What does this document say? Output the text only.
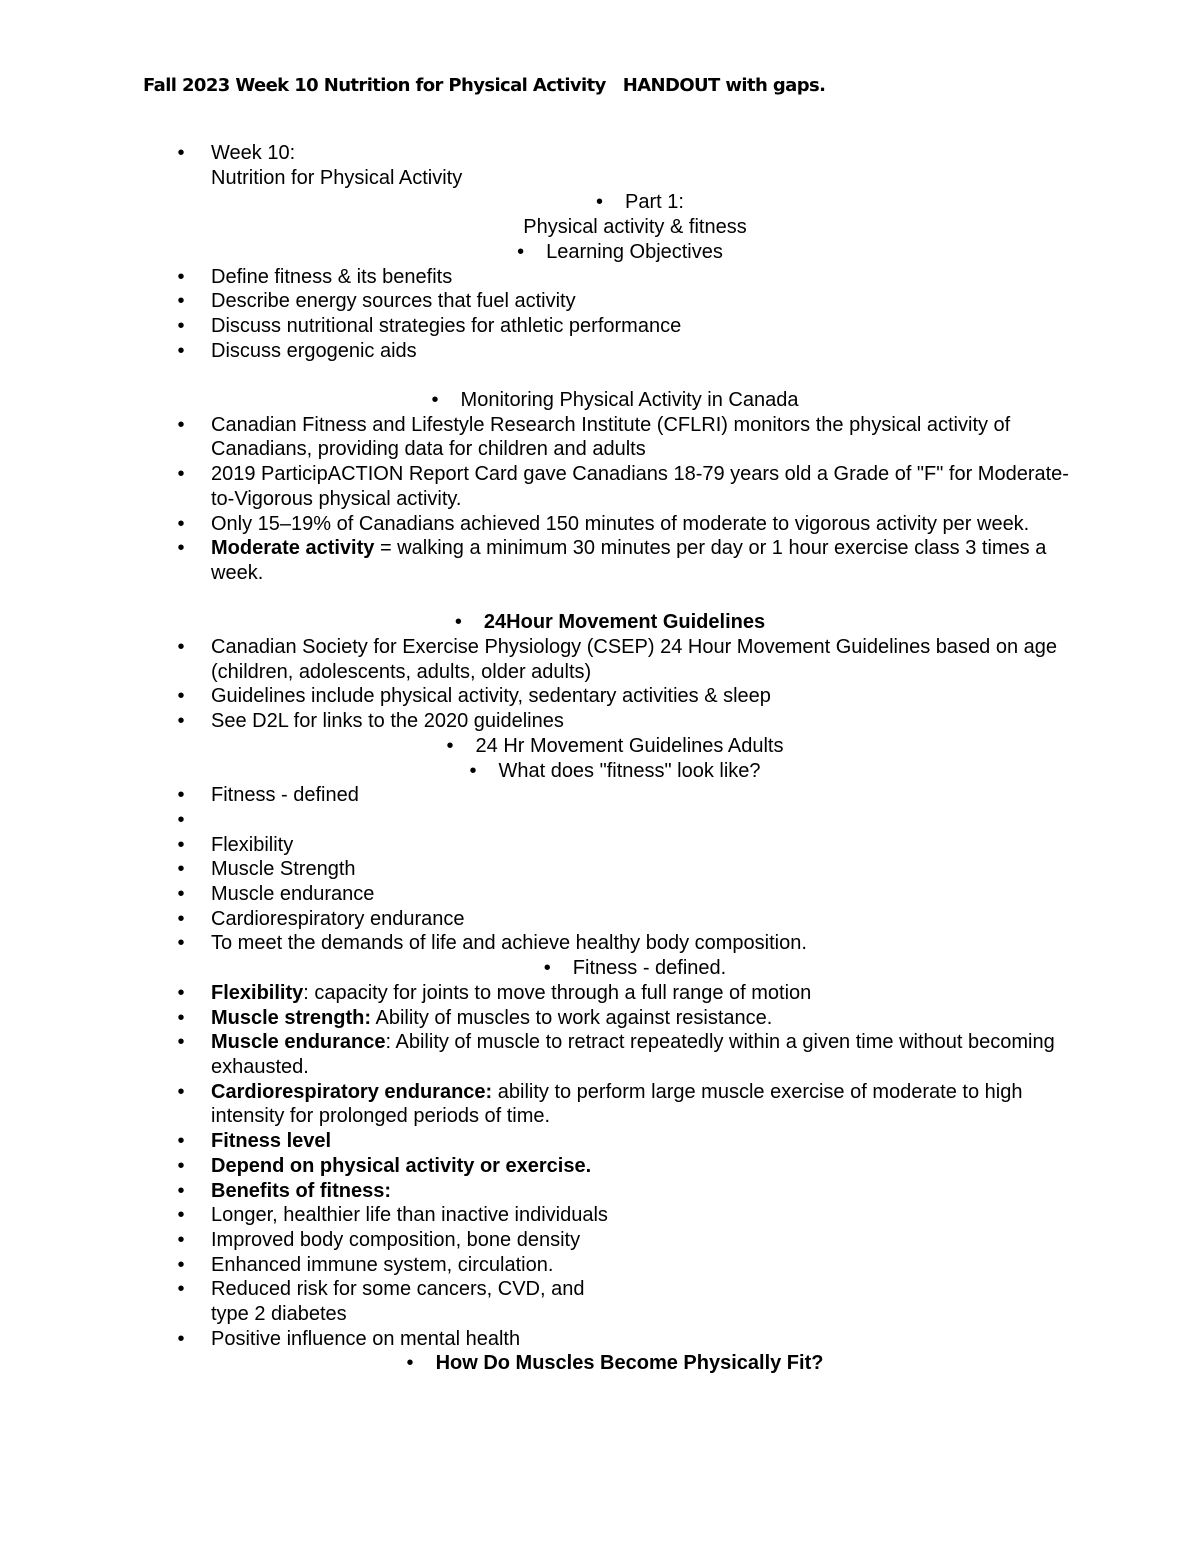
Fall 2023 Week 10 Nutrition for Physical Activity   HANDOUT with gaps.
• Week 10:
Nutrition for Physical Activity
• Part 1:
Physical activity & fitness
• Learning Objectives
• Define fitness & its benefits
• Describe energy sources that fuel activity
• Discuss nutritional strategies for athletic performance
• Discuss ergogenic aids
• Monitoring Physical Activity in Canada
• Canadian Fitness and Lifestyle Research Institute (CFLRI) monitors the physical activity of Canadians, providing data for children and adults
• 2019 ParticipACTION Report Card gave Canadians 18-79 years old a Grade of "F" for Moderate-to-Vigorous physical activity.
• Only 15–19% of Canadians achieved 150 minutes of moderate to vigorous activity per week.
• Moderate activity = walking a minimum 30 minutes per day or 1 hour exercise class 3 times a week.
• 24Hour Movement Guidelines
• Canadian Society for Exercise Physiology (CSEP) 24 Hour Movement Guidelines based on age (children, adolescents, adults, older adults)
• Guidelines include physical activity, sedentary activities & sleep
• See D2L for links to the 2020 guidelines
• 24 Hr Movement Guidelines Adults
• What does "fitness" look like?
• Fitness - defined
•
• Flexibility
• Muscle Strength
• Muscle endurance
• Cardiorespiratory endurance
• To meet the demands of life and achieve healthy body composition.
• Fitness - defined.
• Flexibility: capacity for joints to move through a full range of motion
• Muscle strength: Ability of muscles to work against resistance.
• Muscle endurance: Ability of muscle to retract repeatedly within a given time without becoming exhausted.
• Cardiorespiratory endurance: ability to perform large muscle exercise of moderate to high intensity for prolonged periods of time.
• Fitness level
• Depend on physical activity or exercise.
• Benefits of fitness:
• Longer, healthier life than inactive individuals
• Improved body composition, bone density
• Enhanced immune system, circulation.
• Reduced risk for some cancers, CVD, and
type 2 diabetes
• Positive influence on mental health
• How Do Muscles Become Physically Fit?
